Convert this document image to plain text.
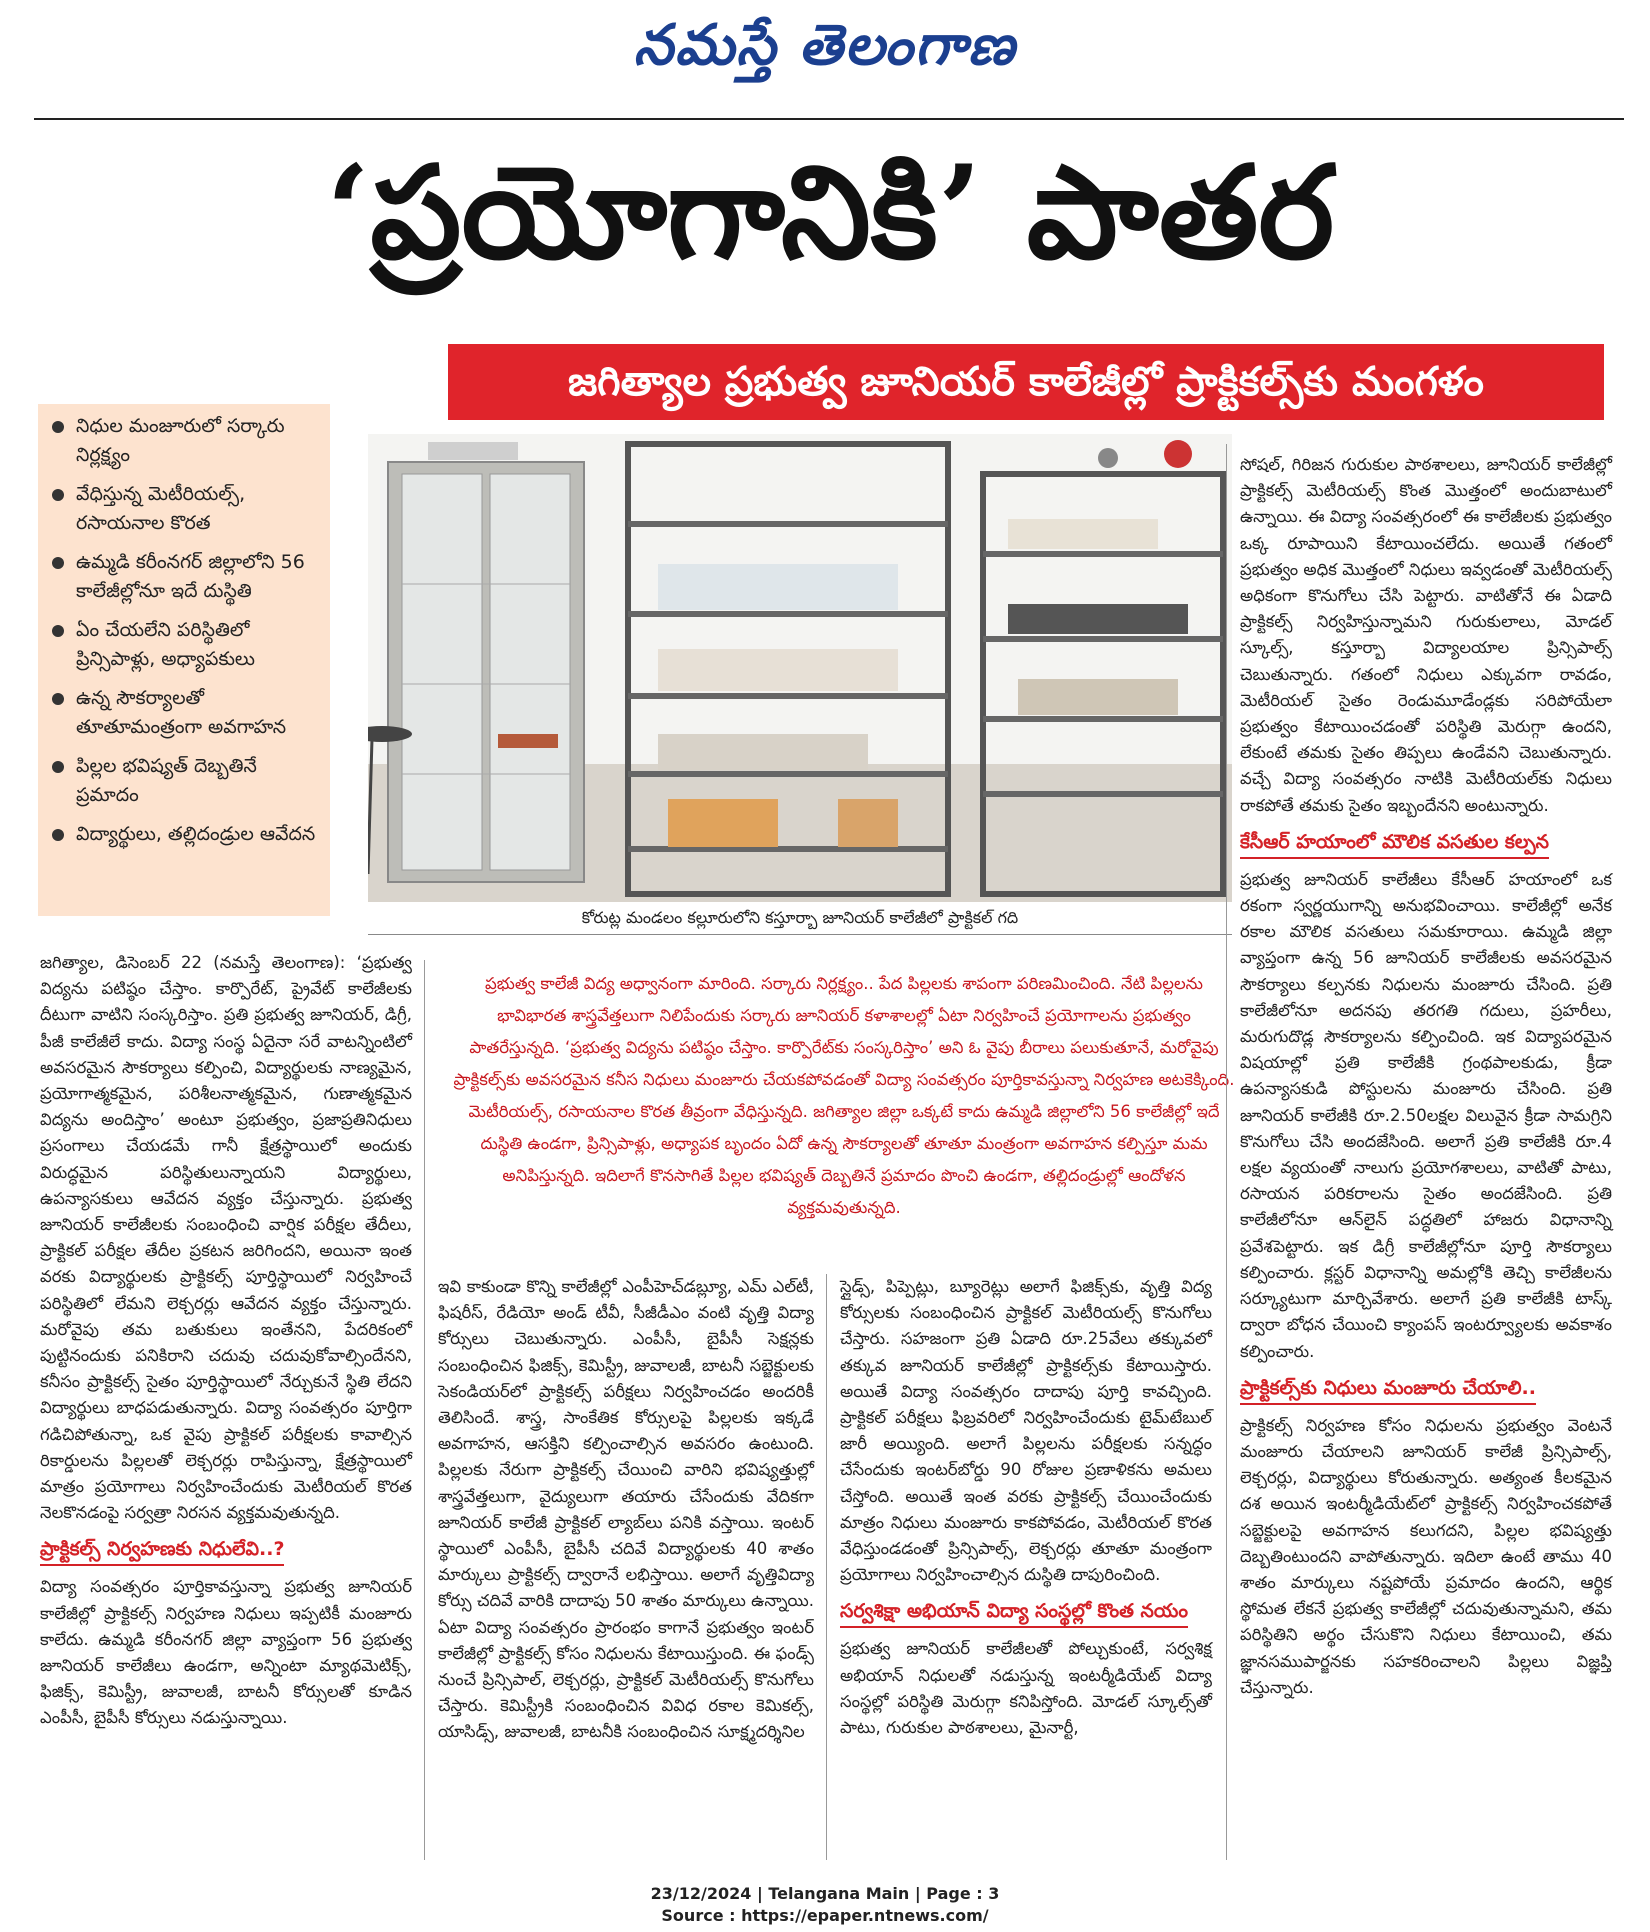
నమస్తే తెలంగాణ
‘ప్రయోగానికి’ పాతర
జగిత్యాల ప్రభుత్వ జూనియర్ కాలేజీల్లో ప్రాక్టికల్స్‌కు మంగళం
నిధుల మంజూరులో సర్కారు నిర్లక్ష్యం
వేధిస్తున్న మెటీరియల్స్, రసాయనాల కొరత
ఉమ్మడి కరీంనగర్ జిల్లాలోని 56 కాలేజీల్లోనూ ఇదే దుస్థితి
ఏం చేయలేని పరిస్థితిలో ప్రిన్సిపాళ్లు, అధ్యాపకులు
ఉన్న సౌకర్యాలతో తూతూమంత్రంగా అవగాహన
పిల్లల భవిష్యత్ దెబ్బతినే ప్రమాదం
విద్యార్థులు, తల్లిదండ్రుల ఆవేదన
కోరుట్ల మండలం కల్లూరులోని కస్తూర్బా జూనియర్ కాలేజీలో ప్రాక్టికల్ గది
ప్రభుత్వ కాలేజీ విద్య అధ్వానంగా మారింది. సర్కారు నిర్లక్ష్యం.. పేద పిల్లలకు శాపంగా పరిణమించింది. నేటి పిల్లలను భావిభారత శాస్త్రవేత్తలుగా నిలిపేందుకు సర్కారు జూనియర్ కళాశాలల్లో ఏటా నిర్వహించే ప్రయోగాలను ప్రభుత్వం పాతరేస్తున్నది. ‘ప్రభుత్వ విద్యను పటిష్ఠం చేస్తాం. కార్పొరేట్‌కు సంస్కరిస్తాం’ అని ఓ వైపు బీరాలు పలుకుతూనే, మరోవైపు ప్రాక్టికల్స్‌కు అవసరమైన కనీస నిధులు మంజూరు చేయకపోవడంతో విద్యా సంవత్సరం పూర్తికావస్తున్నా నిర్వహణ అటకెక్కింది. మెటీరియల్స్, రసాయనాల కొరత తీవ్రంగా వేధిస్తున్నది. జగిత్యాల జిల్లా ఒక్కటే కాదు ఉమ్మడి జిల్లాలోని 56 కాలేజీల్లో ఇదే దుస్థితి ఉండగా, ప్రిన్సిపాళ్లు, అధ్యాపక బృందం ఏదో ఉన్న సౌకర్యాలతో తూతూ మంత్రంగా అవగాహన కల్పిస్తూ మమ అనిపిస్తున్నది. ఇదిలాగే కొనసాగితే పిల్లల భవిష్యత్ దెబ్బతినే ప్రమాదం పొంచి ఉండగా, తల్లిదండ్రుల్లో ఆందోళన వ్యక్తమవుతున్నది.

జగిత్యాల, డిసెంబర్ 22 (నమస్తే తెలంగాణ): ‘ప్రభుత్వ విద్యను పటిష్ఠం చేస్తాం. కార్పొరేట్, ప్రైవేట్ కాలేజీలకు దీటుగా వాటిని సంస్కరిస్తాం. ప్రతి ప్రభుత్వ జూనియర్, డిగ్రీ, పీజీ కాలేజీలే కాదు. విద్యా సంస్థ ఏదైనా సరే వాటన్నింటిలో అవసరమైన సౌకర్యాలు కల్పించి, విద్యార్థులకు నాణ్యమైన, ప్రయోగాత్మకమైన, పరిశీలనాత్మకమైన, గుణాత్మకమైన విద్యను అందిస్తాం’ అంటూ ప్రభుత్వం, ప్రజాప్రతినిధులు ప్రసంగాలు చేయడమే గానీ క్షేత్రస్థాయిలో అందుకు విరుద్ధమైన పరిస్థితులున్నాయని విద్యార్థులు, ఉపన్యాసకులు ఆవేదన వ్యక్తం చేస్తున్నారు. ప్రభుత్వ జూనియర్ కాలేజీలకు సంబంధించి వార్షిక పరీక్షల తేదీలు, ప్రాక్టికల్ పరీక్షల తేదీల ప్రకటన జరిగిందని, అయినా ఇంత వరకు విద్యార్థులకు ప్రాక్టికల్స్ పూర్తిస్థాయిలో నిర్వహించే పరిస్థితిలో లేమని లెక్చరర్లు ఆవేదన వ్యక్తం చేస్తున్నారు. మరోవైపు తమ బతుకులు ఇంతేనని, పేదరికంలో పుట్టినందుకు పనికిరాని చదువు చదువుకోవాల్సిందేనని, కనీసం ప్రాక్టికల్స్ సైతం పూర్తిస్థాయిలో నేర్చుకునే స్థితి లేదని విద్యార్థులు బాధపడుతున్నారు. విద్యా సంవత్సరం పూర్తిగా గడిచిపోతున్నా, ఒక వైపు ప్రాక్టికల్ పరీక్షలకు కావాల్సిన రికార్డులను పిల్లలతో లెక్చరర్లు రాపిస్తున్నా, క్షేత్రస్థాయిలో మాత్రం ప్రయోగాలు నిర్వహించేందుకు మెటీరియల్ కొరత నెలకొనడంపై సర్వత్రా నిరసన వ్యక్తమవుతున్నది.

ప్రాక్టికల్స్ నిర్వహణకు నిధులేవి..?

విద్యా సంవత్సరం పూర్తికావస్తున్నా ప్రభుత్వ జూనియర్ కాలేజీల్లో ప్రాక్టికల్స్ నిర్వహణ నిధులు ఇప్పటికీ మంజూరు కాలేదు. ఉమ్మడి కరీంనగర్ జిల్లా వ్యాప్తంగా 56 ప్రభుత్వ జూనియర్ కాలేజీలు ఉండగా, అన్నింటా మ్యాథమెటిక్స్, ఫిజిక్స్, కెమిస్ట్రీ, జువాలజీ, బాటనీ కోర్సులతో కూడిన ఎంపీసీ, బైపీసీ కోర్సులు నడుస్తున్నాయి.

ఇవి కాకుండా కొన్ని కాలేజీల్లో ఎంపీహెచ్‌డబ్ల్యూ, ఎమ్ ఎల్‌టీ, ఫిషరీస్, రేడియో అండ్ టీవీ, సీజీడీఎం వంటి వృత్తి విద్యా కోర్సులు చెబుతున్నారు. ఎంపీసీ, బైపీసీ సెక్షన్లకు సంబంధించిన ఫిజిక్స్, కెమిస్ట్రీ, జువాలజీ, బాటనీ సబ్జెక్టులకు సెకండియర్‌లో ప్రాక్టికల్స్ పరీక్షలు నిర్వహించడం అందరికీ తెలిసిందే. శాస్త్ర, సాంకేతిక కోర్సులపై పిల్లలకు ఇక్కడే అవగాహన, ఆసక్తిని కల్పించాల్సిన అవసరం ఉంటుంది. పిల్లలకు నేరుగా ప్రాక్టికల్స్ చేయించి వారిని భవిష్యత్తుల్లో శాస్త్రవేత్తలుగా, వైద్యులుగా తయారు చేసేందుకు వేదికగా జూనియర్ కాలేజీ ప్రాక్టికల్ ల్యాబ్‌లు పనికి వస్తాయి. ఇంటర్ స్థాయిలో ఎంపీసీ, బైపీసీ చదివే విద్యార్థులకు 40 శాతం మార్కులు ప్రాక్టికల్స్ ద్వారానే లభిస్తాయి. అలాగే వృత్తివిద్యా కోర్సు చదివే వారికి దాదాపు 50 శాతం మార్కులు ఉన్నాయి. ఏటా విద్యా సంవత్సరం ప్రారంభం కాగానే ప్రభుత్వం ఇంటర్ కాలేజీల్లో ప్రాక్టికల్స్ కోసం నిధులను కేటాయిస్తుంది. ఈ ఫండ్స్ నుంచే ప్రిన్సిపాల్, లెక్చరర్లు, ప్రాక్టికల్ మెటీరియల్స్ కొనుగోలు చేస్తారు. కెమిస్ట్రీకి సంబంధించిన వివిధ రకాల కెమికల్స్, యాసిడ్స్, జువాలజీ, బాటనీకి సంబంధించిన సూక్ష్మదర్శినిల

స్లైడ్స్, పిప్పెట్లు, బ్యూరెట్లు అలాగే ఫిజిక్స్‌కు, వృత్తి విద్య కోర్సులకు సంబంధించిన ప్రాక్టికల్ మెటీరియల్స్ కొనుగోలు చేస్తారు. సహజంగా ప్రతి ఏడాది రూ.25వేలు తక్కువలో తక్కువ జూనియర్ కాలేజీల్లో ప్రాక్టికల్స్‌కు కేటాయిస్తారు. అయితే విద్యా సంవత్సరం దాదాపు పూర్తి కావచ్చింది. ప్రాక్టికల్ పరీక్షలు ఫిబ్రవరిలో నిర్వహించేందుకు టైమ్‌టేబుల్ జారీ అయ్యింది. అలాగే పిల్లలను పరీక్షలకు సన్నద్ధం చేసేందుకు ఇంటర్‌బోర్డు 90 రోజుల ప్రణాళికను అమలు చేస్తోంది. అయితే ఇంత వరకు ప్రాక్టికల్స్ చేయించేందుకు మాత్రం నిధులు మంజూరు కాకపోవడం, మెటీరియల్ కొరత వేధిస్తుండడంతో ప్రిన్సిపాల్స్, లెక్చరర్లు తూతూ మంత్రంగా ప్రయోగాలు నిర్వహించాల్సిన దుస్థితి దాపురించింది.

సర్వశిక్షా అభియాన్ విద్యా సంస్థల్లో కొంత నయం

ప్రభుత్వ జూనియర్ కాలేజీలతో పోల్చుకుంటే, సర్వశిక్ష అభియాన్ నిధులతో నడుస్తున్న ఇంటర్మీడియేట్ విద్యా సంస్థల్లో పరిస్థితి మెరుగ్గా కనిపిస్తోంది. మోడల్ స్కూల్స్‌తో పాటు, గురుకుల పాఠశాలలు, మైనార్టీ,

సోషల్, గిరిజన గురుకుల పాఠశాలలు, జూనియర్ కాలేజీల్లో ప్రాక్టికల్స్ మెటీరియల్స్ కొంత మొత్తంలో అందుబాటులో ఉన్నాయి. ఈ విద్యా సంవత్సరంలో ఈ కాలేజీలకు ప్రభుత్వం ఒక్క రూపాయిని కేటాయించలేదు. అయితే గతంలో ప్రభుత్వం అధిక మొత్తంలో నిధులు ఇవ్వడంతో మెటీరియల్స్ అధికంగా కొనుగోలు చేసి పెట్టారు. వాటితోనే ఈ ఏడాది ప్రాక్టికల్స్ నిర్వహిస్తున్నామని గురుకులాలు, మోడల్ స్కూల్స్, కస్తూర్బా విద్యాలయాల ప్రిన్సిపాల్స్ చెబుతున్నారు. గతంలో నిధులు ఎక్కువగా రావడం, మెటీరియల్ సైతం రెండుమూడేండ్లకు సరిపోయేలా ప్రభుత్వం కేటాయించడంతో పరిస్థితి మెరుగ్గా ఉందని, లేకుంటే తమకు సైతం తిప్పలు ఉండేవని చెబుతున్నారు. వచ్చే విద్యా సంవత్సరం నాటికి మెటీరియల్‌కు నిధులు రాకపోతే తమకు సైతం ఇబ్బందేనని అంటున్నారు.

కేసీఆర్ హయాంలో మౌలిక వసతుల కల్పన

ప్రభుత్వ జూనియర్ కాలేజీలు కేసీఆర్ హయాంలో ఒక రకంగా స్వర్ణయుగాన్ని అనుభవించాయి. కాలేజీల్లో అనేక రకాల మౌలిక వసతులు సమకూరాయి. ఉమ్మడి జిల్లా వ్యాప్తంగా ఉన్న 56 జూనియర్ కాలేజీలకు అవసరమైన సౌకర్యాలు కల్పనకు నిధులను మంజూరు చేసింది. ప్రతి కాలేజీలోనూ అదనపు తరగతి గదులు, ప్రహరీలు, మరుగుదొడ్ల సౌకర్యాలను కల్పించింది. ఇక విద్యాపరమైన విషయాల్లో ప్రతి కాలేజీకి గ్రంథపాలకుడు, క్రీడా ఉపన్యాసకుడి పోస్టులను మంజూరు చేసింది. ప్రతి జూనియర్ కాలేజీకి రూ.2.50లక్షల విలువైన క్రీడా సామగ్రిని కొనుగోలు చేసి అందజేసింది. అలాగే ప్రతి కాలేజీకి రూ.4 లక్షల వ్యయంతో నాలుగు ప్రయోగశాలలు, వాటితో పాటు, రసాయన పరికరాలను సైతం అందజేసింది. ప్రతి కాలేజీలోనూ ఆన్‌లైన్ పద్ధతిలో హాజరు విధానాన్ని ప్రవేశపెట్టారు. ఇక డిగ్రీ కాలేజీల్లోనూ పూర్తి సౌకర్యాలు కల్పించారు. క్లస్టర్ విధానాన్ని అమల్లోకి తెచ్చి కాలేజీలను సర్క్యూటుగా మార్చివేశారు. అలాగే ప్రతి కాలేజీకి టాస్క్ ద్వారా బోధన చేయించి క్యాంపస్ ఇంటర్వ్యూలకు అవకాశం కల్పించారు.

ప్రాక్టికల్స్‌కు నిధులు మంజూరు చేయాలి..

ప్రాక్టికల్స్ నిర్వహణ కోసం నిధులను ప్రభుత్వం వెంటనే మంజూరు చేయాలని జూనియర్ కాలేజీ ప్రిన్సిపాల్స్, లెక్చరర్లు, విద్యార్థులు కోరుతున్నారు. అత్యంత కీలకమైన దశ అయిన ఇంటర్మీడియేట్‌లో ప్రాక్టికల్స్ నిర్వహించకపోతే సబ్జెక్టులపై అవగాహన కలుగదని, పిల్లల భవిష్యత్తు దెబ్బతింటుందని వాపోతున్నారు. ఇదిలా ఉంటే తాము 40 శాతం మార్కులు నష్టపోయే ప్రమాదం ఉందని, ఆర్థిక స్థోమత లేకనే ప్రభుత్వ కాలేజీల్లో చదువుతున్నామని, తమ పరిస్థితిని అర్థం చేసుకొని నిధులు కేటాయించి, తమ జ్ఞానసముపార్జనకు సహకరించాలని పిల్లలు విజ్ఞప్తి చేస్తున్నారు.

23/12/2024 | Telangana Main | Page : 3
Source : https://epaper.ntnews.com/
